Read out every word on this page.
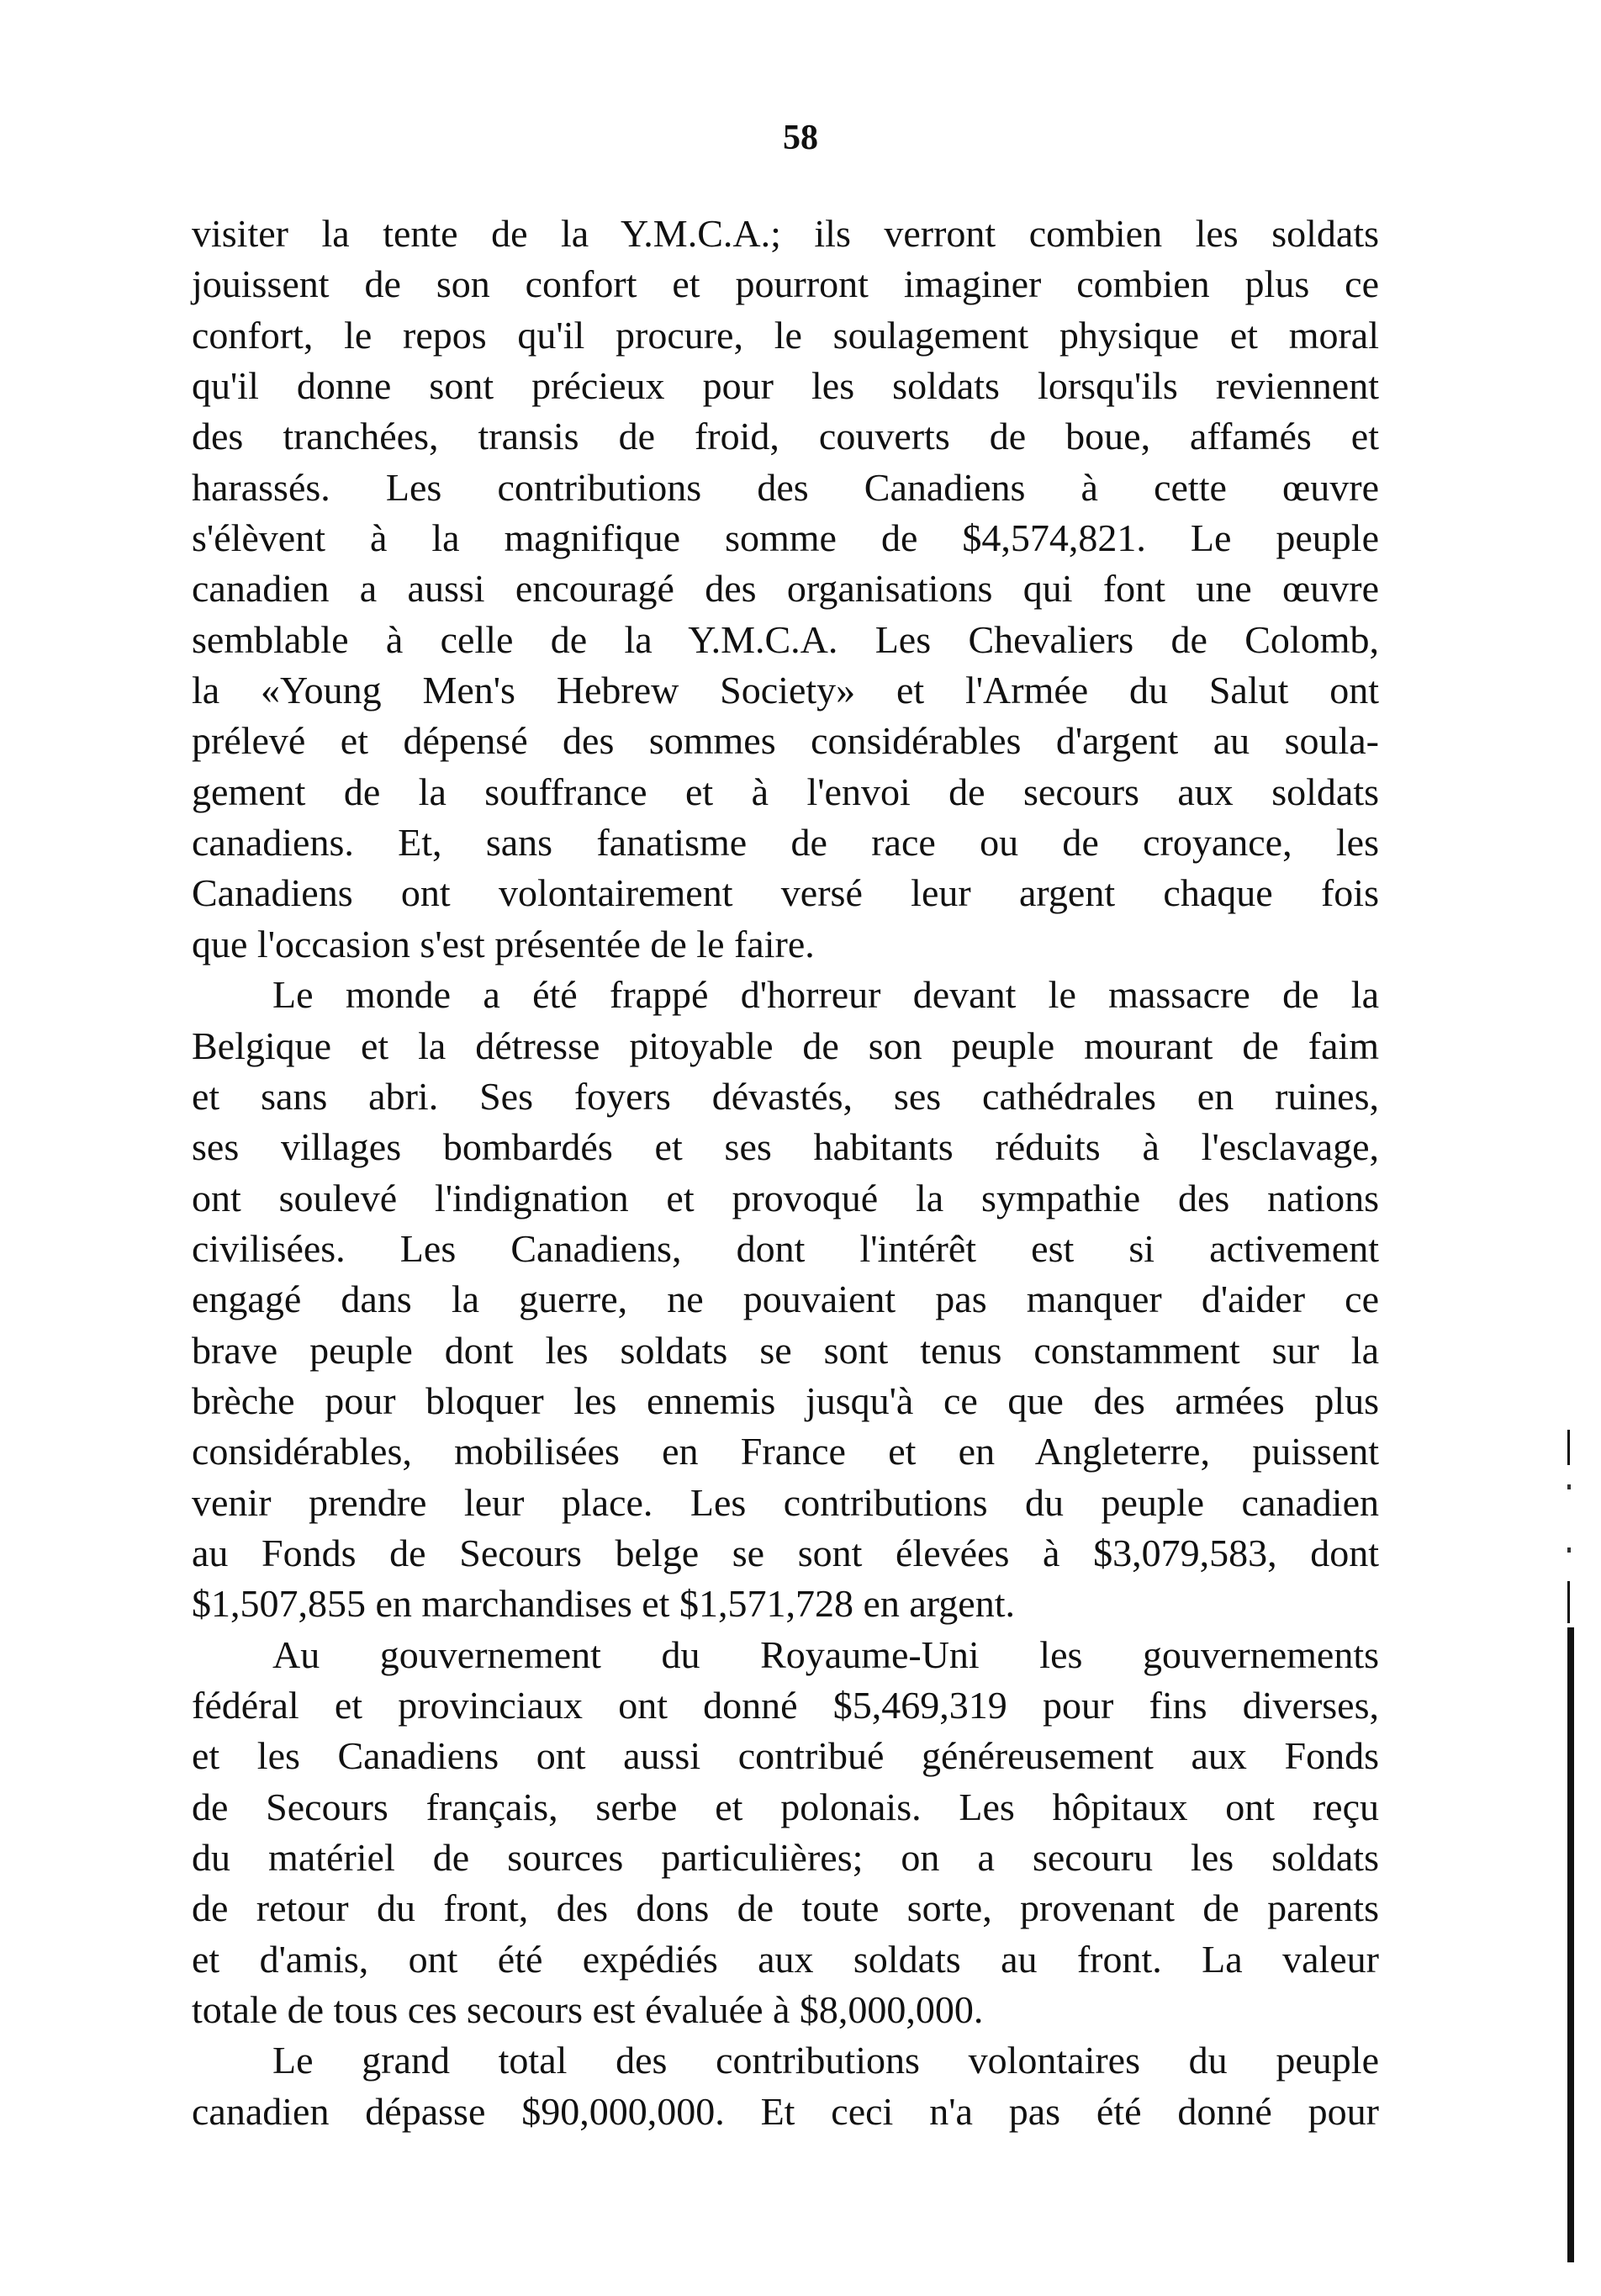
58
visiter la tente de la Y.M.C.A.; ils verront combien les soldats
jouissent de son confort et pourront imaginer combien plus ce
confort, le repos qu'il procure, le soulagement physique et moral
qu'il donne sont précieux pour les soldats lorsqu'ils reviennent
des tranchées, transis de froid, couverts de boue, affamés et
harassés. Les contributions des Canadiens à cette œuvre
s'élèvent à la magnifique somme de $4,574,821. Le peuple
canadien a aussi encouragé des organisations qui font une œuvre
semblable à celle de la Y.M.C.A. Les Chevaliers de Colomb,
la «Young Men's Hebrew Society» et l'Armée du Salut ont
prélevé et dépensé des sommes considérables d'argent au soula-
gement de la souffrance et à l'envoi de secours aux soldats
canadiens. Et, sans fanatisme de race ou de croyance, les
Canadiens ont volontairement versé leur argent chaque fois
que l'occasion s'est présentée de le faire.
Le monde a été frappé d'horreur devant le massacre de la
Belgique et la détresse pitoyable de son peuple mourant de faim
et sans abri. Ses foyers dévastés, ses cathédrales en ruines,
ses villages bombardés et ses habitants réduits à l'esclavage,
ont soulevé l'indignation et provoqué la sympathie des nations
civilisées. Les Canadiens, dont l'intérêt est si activement
engagé dans la guerre, ne pouvaient pas manquer d'aider ce
brave peuple dont les soldats se sont tenus constamment sur la
brèche pour bloquer les ennemis jusqu'à ce que des armées plus
considérables, mobilisées en France et en Angleterre, puissent
venir prendre leur place. Les contributions du peuple canadien
au Fonds de Secours belge se sont élevées à $3,079,583, dont
$1,507,855 en marchandises et $1,571,728 en argent.
Au gouvernement du Royaume-Uni les gouvernements
fédéral et provinciaux ont donné $5,469,319 pour fins diverses,
et les Canadiens ont aussi contribué généreusement aux Fonds
de Secours français, serbe et polonais. Les hôpitaux ont reçu
du matériel de sources particulières; on a secouru les soldats
de retour du front, des dons de toute sorte, provenant de parents
et d'amis, ont été expédiés aux soldats au front. La valeur
totale de tous ces secours est évaluée à $8,000,000.
Le grand total des contributions volontaires du peuple
canadien dépasse $90,000,000. Et ceci n'a pas été donné pour
